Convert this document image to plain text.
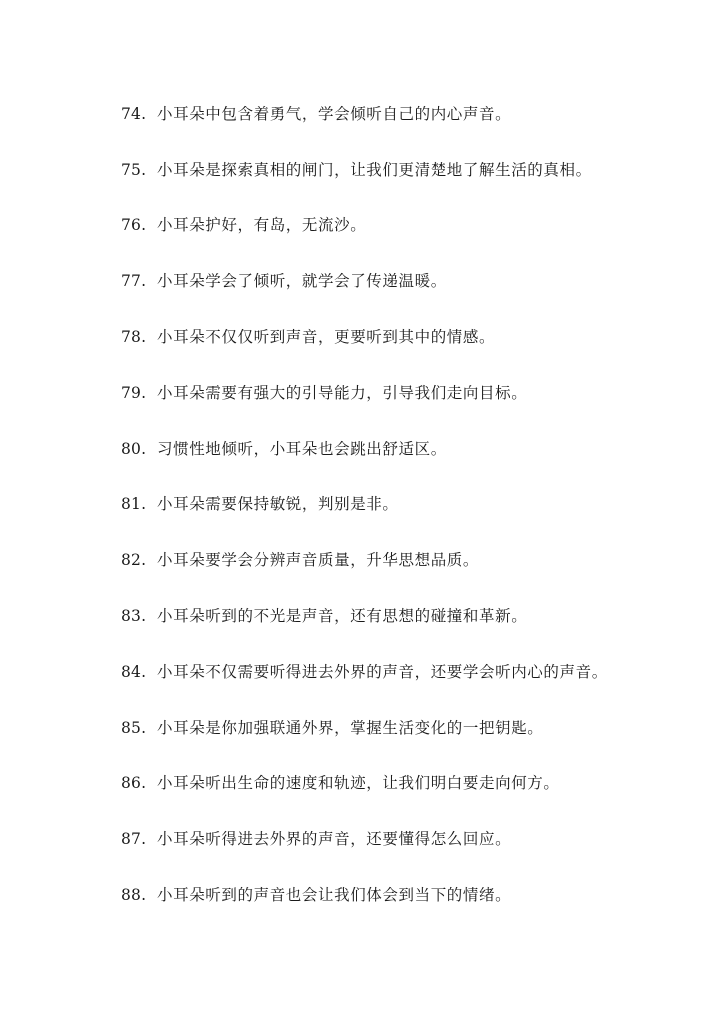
74. 小耳朵中包含着勇气，学会倾听自己的内心声音。
75. 小耳朵是探索真相的闸门，让我们更清楚地了解生活的真相。
76. 小耳朵护好，有岛，无流沙。
77. 小耳朵学会了倾听，就学会了传递温暖。
78. 小耳朵不仅仅听到声音，更要听到其中的情感。
79. 小耳朵需要有强大的引导能力，引导我们走向目标。
80. 习惯性地倾听，小耳朵也会跳出舒适区。
81. 小耳朵需要保持敏锐，判别是非。
82. 小耳朵要学会分辨声音质量，升华思想品质。
83. 小耳朵听到的不光是声音，还有思想的碰撞和革新。
84. 小耳朵不仅需要听得进去外界的声音，还要学会听内心的声音。
85. 小耳朵是你加强联通外界，掌握生活变化的一把钥匙。
86. 小耳朵听出生命的速度和轨迹，让我们明白要走向何方。
87. 小耳朵听得进去外界的声音，还要懂得怎么回应。
88. 小耳朵听到的声音也会让我们体会到当下的情绪。
